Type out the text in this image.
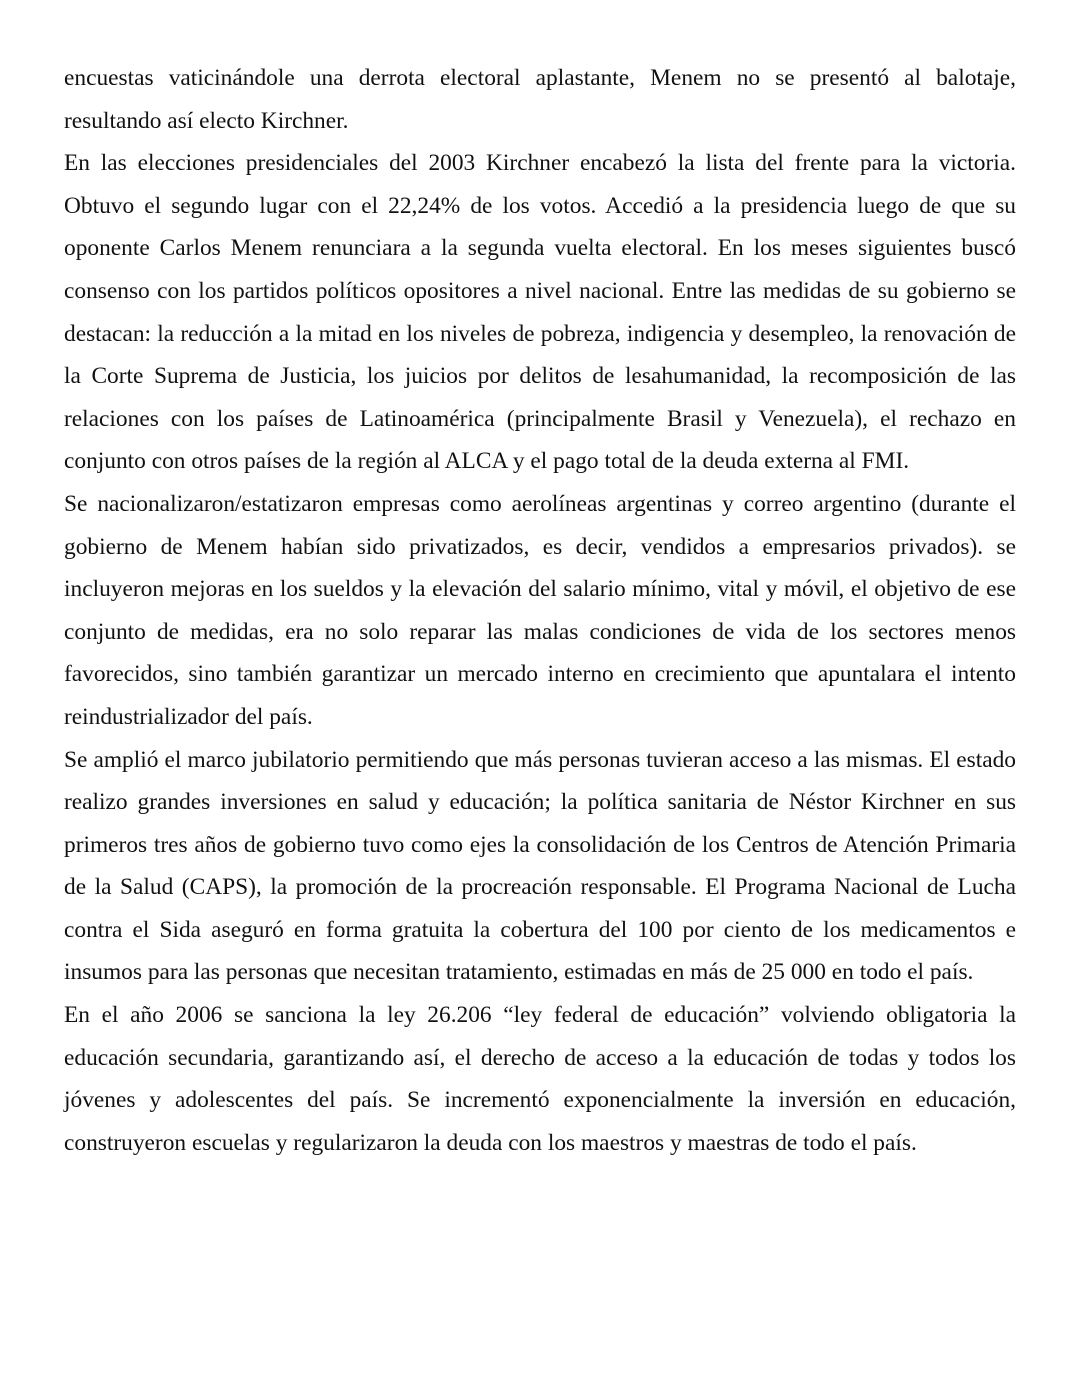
encuestas vaticinándole una derrota electoral aplastante, Menem no se presentó al balotaje, resultando así electo Kirchner.

En las elecciones presidenciales del 2003 Kirchner encabezó la lista del frente para la victoria. Obtuvo el segundo lugar con el 22,24% de los votos. Accedió a la presidencia luego de que su oponente Carlos Menem renunciara a la segunda vuelta electoral. En los meses siguientes buscó consenso con los partidos políticos opositores a nivel nacional. Entre las medidas de su gobierno se destacan: la reducción a la mitad en los niveles de pobreza, indigencia y desempleo, la renovación de la Corte Suprema de Justicia, los juicios por delitos de lesahumanidad, la recomposición de las relaciones con los países de Latinoamérica (principalmente Brasil y Venezuela), el rechazo en conjunto con otros países de la región al ALCA y el pago total de la deuda externa al FMI.

Se nacionalizaron/estatizaron empresas como aerolíneas argentinas y correo argentino (durante el gobierno de Menem habían sido privatizados, es decir, vendidos a empresarios privados). se incluyeron mejoras en los sueldos y la elevación del salario mínimo, vital y móvil, el objetivo de ese conjunto de medidas, era no solo reparar las malas condiciones de vida de los sectores menos favorecidos, sino también garantizar un mercado interno en crecimiento que apuntalara el intento reindustrializador del país.

Se amplió el marco jubilatorio permitiendo que más personas tuvieran acceso a las mismas. El estado realizo grandes inversiones en salud y educación; la política sanitaria de Néstor Kirchner en sus primeros tres años de gobierno tuvo como ejes la consolidación de los Centros de Atención Primaria de la Salud (CAPS), la promoción de la procreación responsable. El Programa Nacional de Lucha contra el Sida aseguró en forma gratuita la cobertura del 100 por ciento de los medicamentos e insumos para las personas que necesitan tratamiento, estimadas en más de 25 000 en todo el país.

En el año 2006 se sanciona la ley 26.206 “ley federal de educación” volviendo obligatoria la educación secundaria, garantizando así, el derecho de acceso a la educación de todas y todos los jóvenes y adolescentes del país. Se incrementó exponencialmente la inversión en educación, construyeron escuelas y regularizaron la deuda con los maestros y maestras de todo el país.
